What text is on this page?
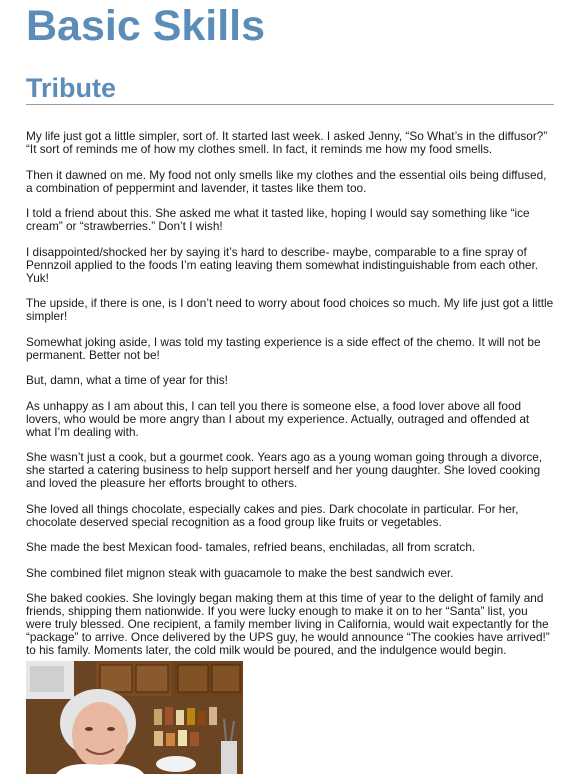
Basic Skills
Tribute

My life just got a little simpler, sort of. It started last week. I asked Jenny, “So What’s in the diffusor?” “It sort of reminds me of how my clothes smell. In fact, it reminds me how my food smells.

Then it dawned on me. My food not only smells like my clothes and the essential oils being diffused, a combination of peppermint and lavender, it tastes like them too.

I told a friend about this. She asked me what it tasted like, hoping I would say something like “ice cream” or “strawberries.” Don’t I wish!

I disappointed/shocked her by saying it’s hard to describe- maybe, comparable to a fine spray of Pennzoil applied to the foods I’m eating leaving them somewhat indistinguishable from each other. Yuk!

The upside, if there is one, is I don’t need to worry about food choices so much. My life just got a little simpler!

Somewhat joking aside, I was told my tasting experience is a side effect of the chemo. It will not be permanent. Better not be!

But, damn, what a time of year for this!

As unhappy as I am about this, I can tell you there is someone else, a food lover above all food lovers, who would be more angry than I about my experience. Actually, outraged and offended at what I’m dealing with.

She wasn’t just a cook, but a gourmet cook. Years ago as a young woman going through a divorce, she started a catering business to help support herself and her young daughter. She loved cooking and loved the pleasure her efforts brought to others.

She loved all things chocolate, especially cakes and pies. Dark chocolate in particular. For her, chocolate deserved special recognition as a food group like fruits or vegetables.

She made the best Mexican food- tamales, refried beans, enchiladas, all from scratch.

She combined filet mignon steak with guacamole to make the best sandwich ever.

She baked cookies. She lovingly began making them at this time of year to the delight of family and friends, shipping them nationwide. If you were lucky enough to make it on to her “Santa” list, you were truly blessed. One recipient, a family member living in California, would wait expectantly for the “package” to arrive. Once delivered by the UPS guy, he would announce “The cookies have arrived!” to his family. Moments later, the cold milk would be poured, and the indulgence would begin.
